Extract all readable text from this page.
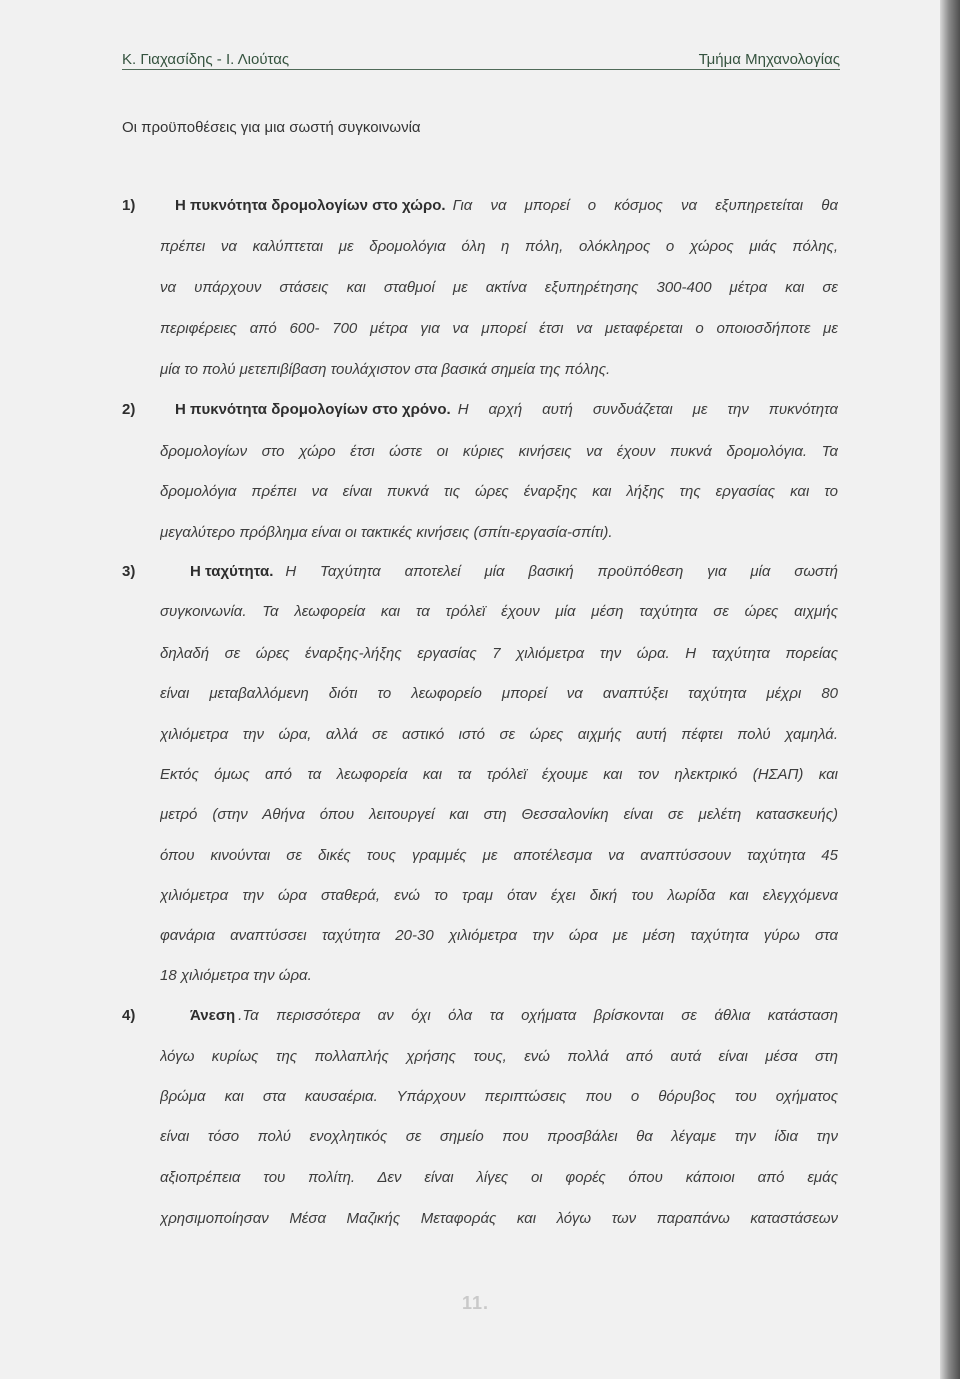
Κ. Γιαχασίδης - Ι. Λιούτας	Τμήμα Μηχανολογίας
Οι προϋποθέσεις για μια σωστή συγκοινωνία
1)	Η πυκνότητα δρομολογίων στο χώρο. Για να μπορεί ο κόσμος να εξυπηρετείται θα
πρέπει να καλύπτεται με δρομολόγια όλη η πόλη, ολόκληρος ο χώρος μιάς πόλης,
να υπάρχουν στάσεις και σταθμοί με ακτίνα εξυπηρέτησης 300-400 μέτρα και σε
περιφέρειες από 600- 700 μέτρα για να μπορεί έτσι να μεταφέρεται ο οποιοσδήποτε με
μία το πολύ μετεπιβίβαση τουλάχιστον στα βασικά σημεία της πόλης.
2)	Η πυκνότητα δρομολογίων στο χρόνο. Η αρχή αυτή συνδυάζεται με την πυκνότητα
δρομολογίων στο χώρο έτσι ώστε οι κύριες κινήσεις να έχουν πυκνά δρομολόγια. Τα
δρομολόγια πρέπει να είναι πυκνά τις ώρες έναρξης και λήξης της εργασίας και το
μεγαλύτερο πρόβλημα είναι οι τακτικές κινήσεις (σπίτι-εργασία-σπίτι).
3)	Η ταχύτητα. Η Ταχύτητα αποτελεί μία βασική προϋπόθεση για μία σωστή
συγκοινωνία. Τα λεωφορεία και τα τρόλεϊ έχουν μία μέση ταχύτητα σε ώρες αιχμής
δηλαδή σε ώρες έναρξης-λήξης εργασίας 7 χιλιόμετρα την ώρα. Η ταχύτητα πορείας
είναι μεταβαλλόμενη διότι το λεωφορείο μπορεί να αναπτύξει ταχύτητα μέχρι 80
χιλιόμετρα την ώρα, αλλά σε αστικό ιστό σε ώρες αιχμής αυτή πέφτει πολύ χαμηλά.
Εκτός όμως από τα λεωφορεία και τα τρόλεϊ έχουμε και τον ηλεκτρικό (ΗΣΑΠ) και
μετρό (στην Αθήνα όπου λειτουργεί και στη Θεσσαλονίκη είναι σε μελέτη κατασκευής)
όπου κινούνται σε δικές τους γραμμές με αποτέλεσμα να αναπτύσσουν ταχύτητα 45
χιλιόμετρα την ώρα σταθερά, ενώ το τραμ όταν έχει δική του λωρίδα και ελεγχόμενα
φανάρια αναπτύσσει ταχύτητα 20-30 χιλιόμετρα την ώρα με μέση ταχύτητα γύρω στα
18 χιλιόμετρα την ώρα.
4)	Άνεση .Τα περισσότερα αν όχι όλα τα οχήματα βρίσκονται σε άθλια κατάσταση
λόγω κυρίως της πολλαπλής χρήσης τους, ενώ πολλά από αυτά είναι μέσα στη
βρώμα και στα καυσαέρια. Υπάρχουν περιπτώσεις που ο θόρυβος του οχήματος
είναι τόσο πολύ ενοχλητικός σε σημείο που προσβάλει θα λέγαμε την ίδια την
αξιοπρέπεια του πολίτη. Δεν είναι λίγες οι φορές όπου κάποιοι από εμάς
χρησιμοποίησαν Μέσα Μαζικής Μεταφοράς και λόγω των παραπάνω καταστάσεων
11.
